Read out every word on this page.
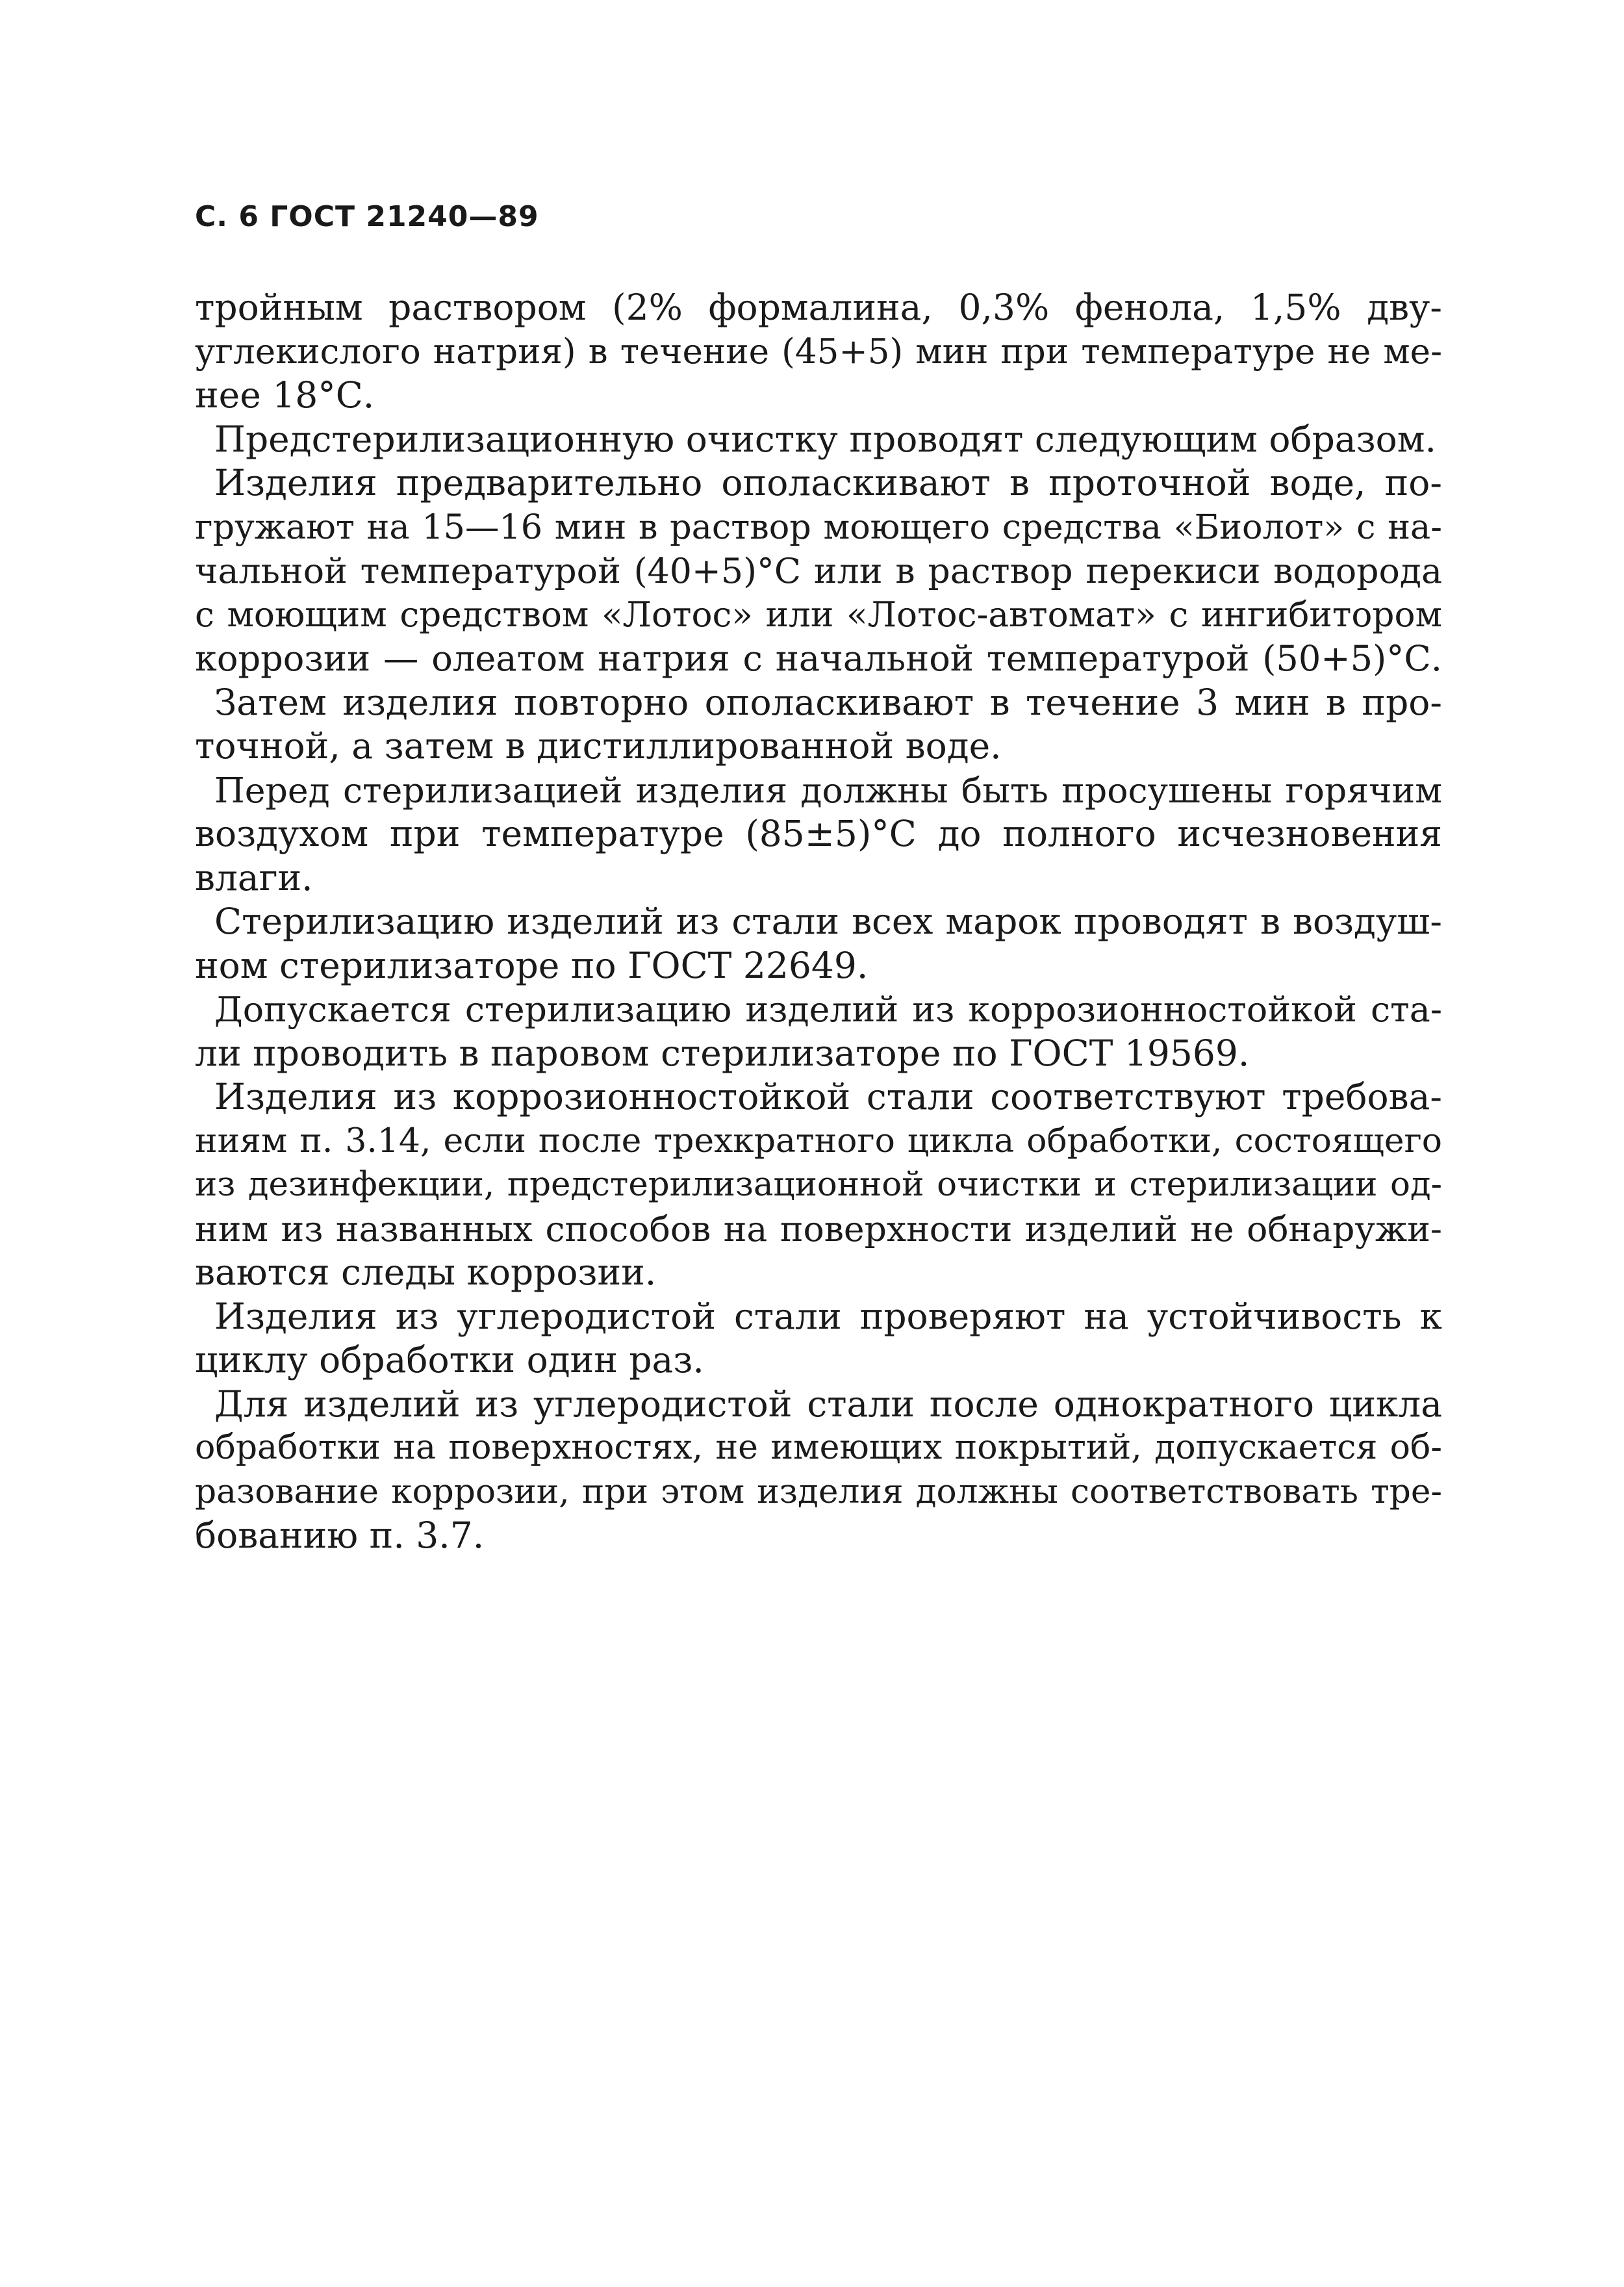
С. 6 ГОСТ 21240—89
тройным раствором (2% формалина, 0,3% фенола, 1,5% дву-
углекислого натрия) в течение (45+5) мин при температуре не ме-
нее 18°С.
Предстерилизационную очистку проводят следующим образом.
Изделия предварительно ополаскивают в проточной воде, по-
гружают на 15—16 мин в раствор моющего средства «Биолот» с на-
чальной температурой (40+5)°С или в раствор перекиси водорода
с моющим средством «Лотос» или «Лотос-автомат» с ингибитором
коррозии — олеатом натрия с начальной температурой (50+5)°С.
Затем изделия повторно ополаскивают в течение 3 мин в про-
точной, а затем в дистиллированной воде.
Перед стерилизацией изделия должны быть просушены горячим
воздухом при температуре (85±5)°С до полного исчезновения
влаги.
Стерилизацию изделий из стали всех марок проводят в воздуш-
ном стерилизаторе по ГОСТ 22649.
Допускается стерилизацию изделий из коррозионностойкой ста-
ли проводить в паровом стерилизаторе по ГОСТ 19569.
Изделия из коррозионностойкой стали соответствуют требова-
ниям п. 3.14, если после трехкратного цикла обработки, состоящего
из дезинфекции, предстерилизационной очистки и стерилизации од-
ним из названных способов на поверхности изделий не обнаружи-
ваются следы коррозии.
Изделия из углеродистой стали проверяют на устойчивость к
циклу обработки один раз.
Для изделий из углеродистой стали после однократного цикла
обработки на поверхностях, не имеющих покрытий, допускается об-
разование коррозии, при этом изделия должны соответствовать тре-
бованию п. 3.7.
